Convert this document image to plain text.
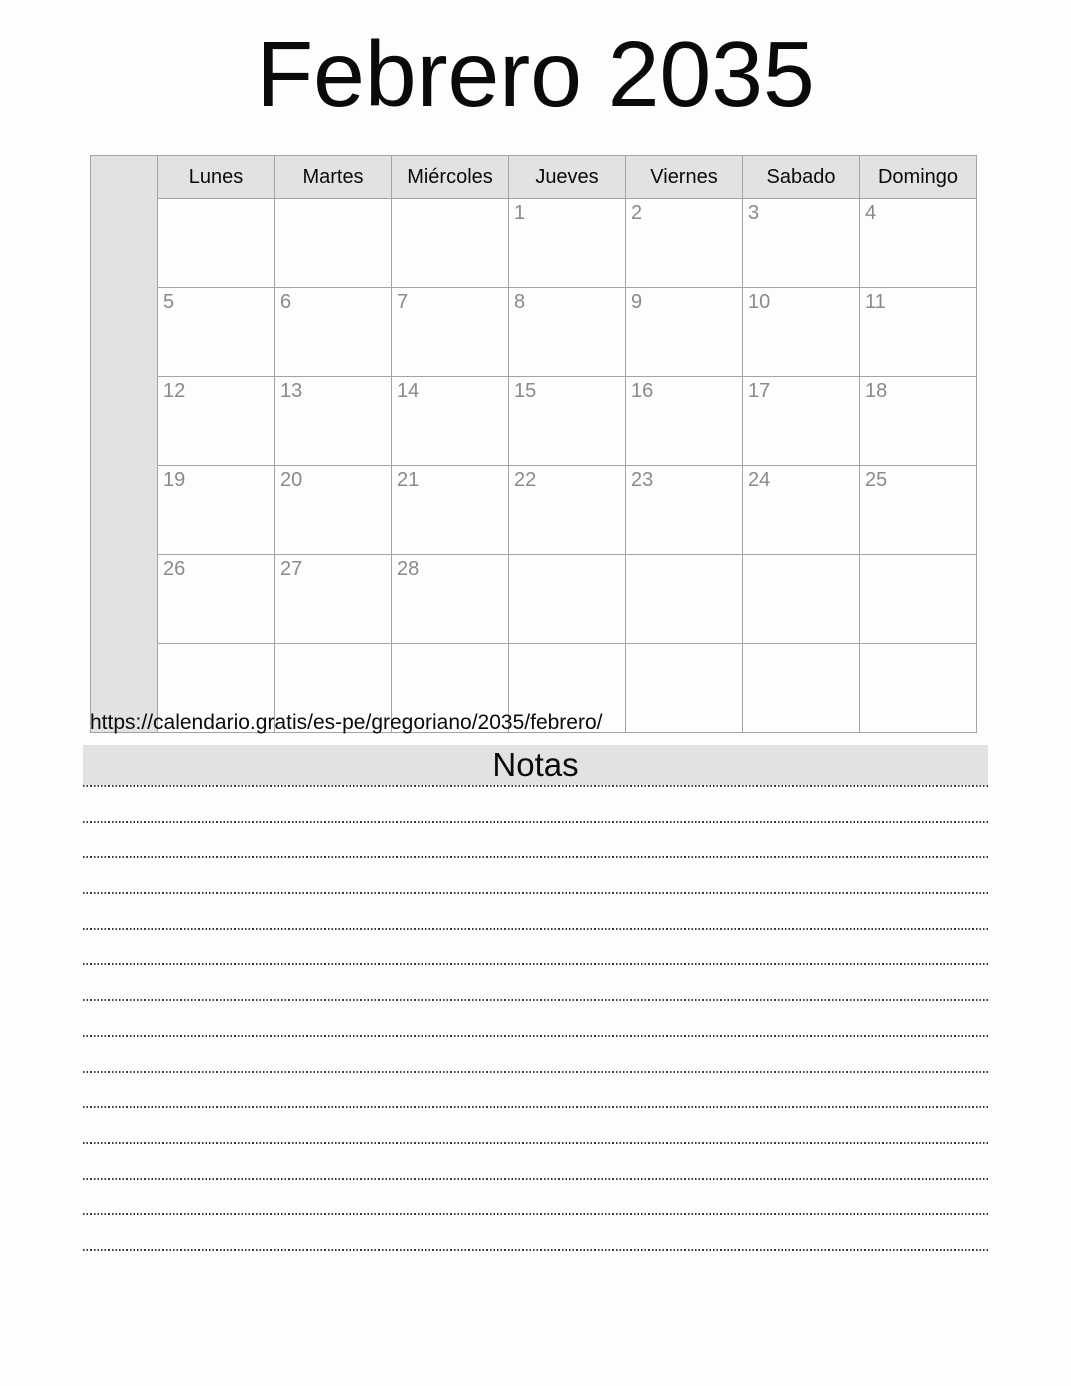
Febrero 2035
	Lunes	Martes	Miércoles	Jueves	Viernes	Sabado	Domingo
				1	2	3	4
	5	6	7	8	9	10	11
	12	13	14	15	16	17	18
	19	20	21	22	23	24	25
	26	27	28				

https://calendario.gratis/es-pe/gregoriano/2035/febrero/
Notas
